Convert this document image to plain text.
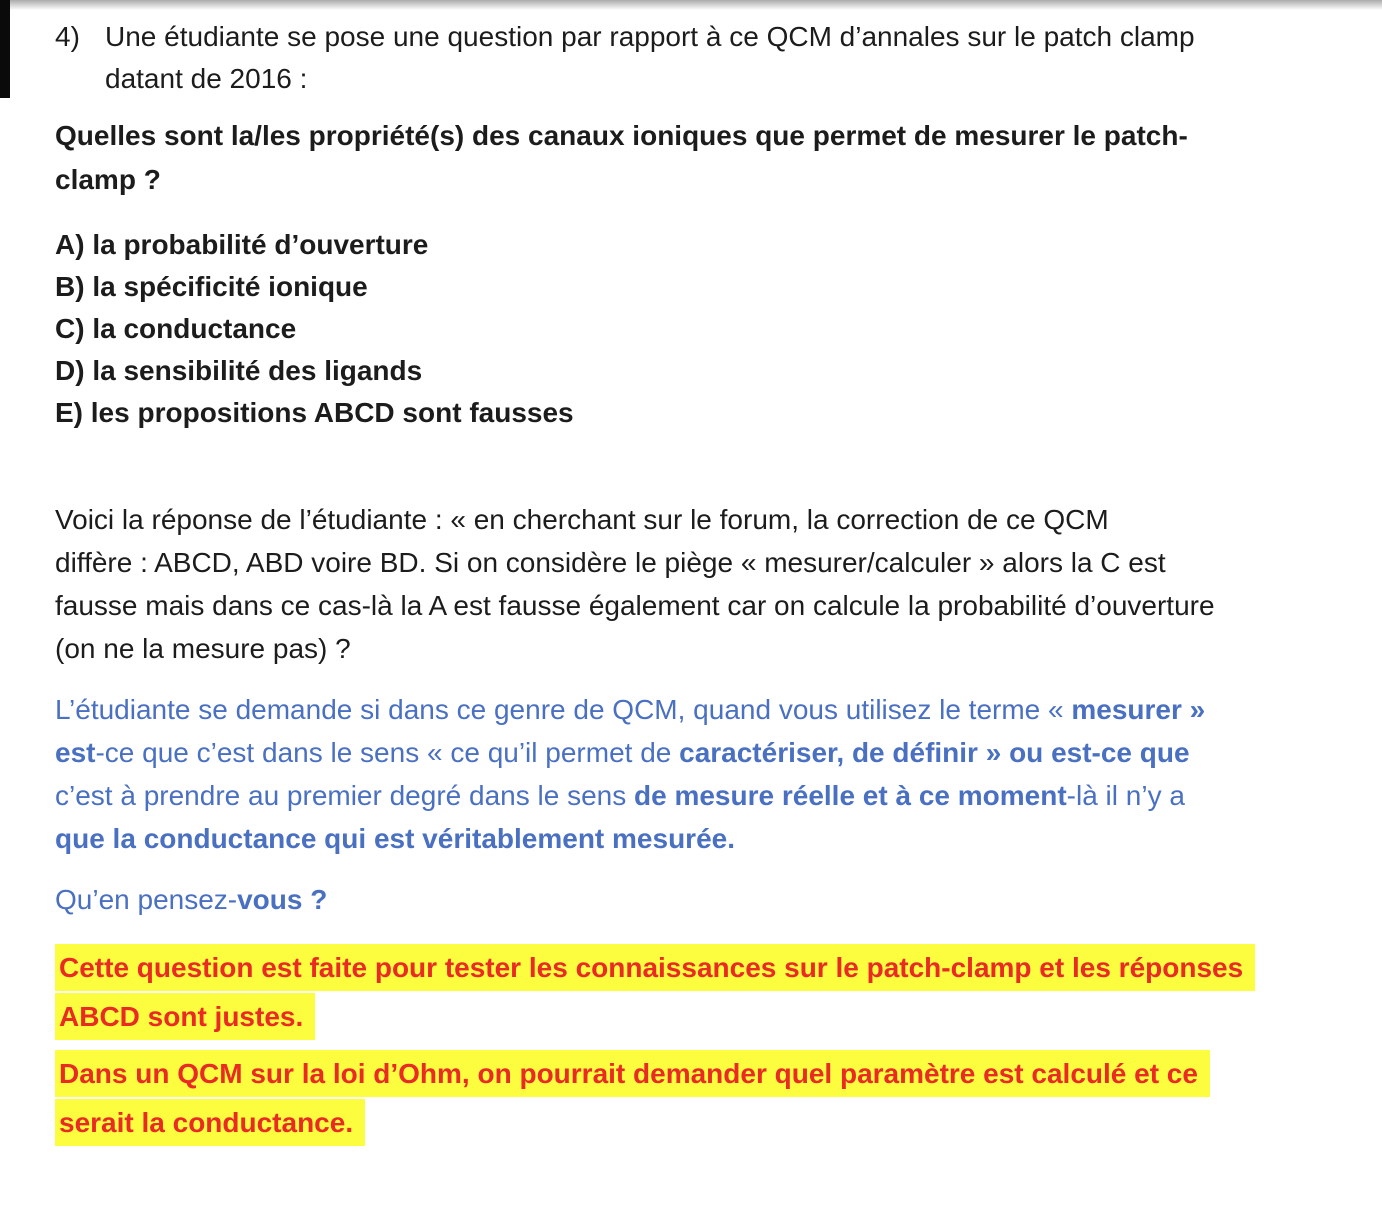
4) Une étudiante se pose une question par rapport à ce QCM d’annales sur le patch clamp
datant de 2016 :
Quelles sont la/les propriété(s) des canaux ioniques que permet de mesurer le patch-
clamp ?
A) la probabilité d’ouverture
B) la spécificité ionique
C) la conductance
D) la sensibilité des ligands
E) les propositions ABCD sont fausses
Voici la réponse de l’étudiante : « en cherchant sur le forum, la correction de ce QCM
diffère : ABCD, ABD voire BD. Si on considère le piège « mesurer/calculer » alors la C est
fausse mais dans ce cas-là la A est fausse également car on calcule la probabilité d’ouverture
(on ne la mesure pas) ?
L’étudiante se demande si dans ce genre de QCM, quand vous utilisez le terme « mesurer »
est-ce que c’est dans le sens « ce qu’il permet de caractériser, de définir » ou est-ce que
c’est à prendre au premier degré dans le sens de mesure réelle et à ce moment-là il n’y a
que la conductance qui est véritablement mesurée.
Qu’en pensez-vous ?
Cette question est faite pour tester les connaissances sur le patch-clamp et les réponses
ABCD sont justes.
Dans un QCM sur la loi d’Ohm, on pourrait demander quel paramètre est calculé et ce
serait la conductance.
